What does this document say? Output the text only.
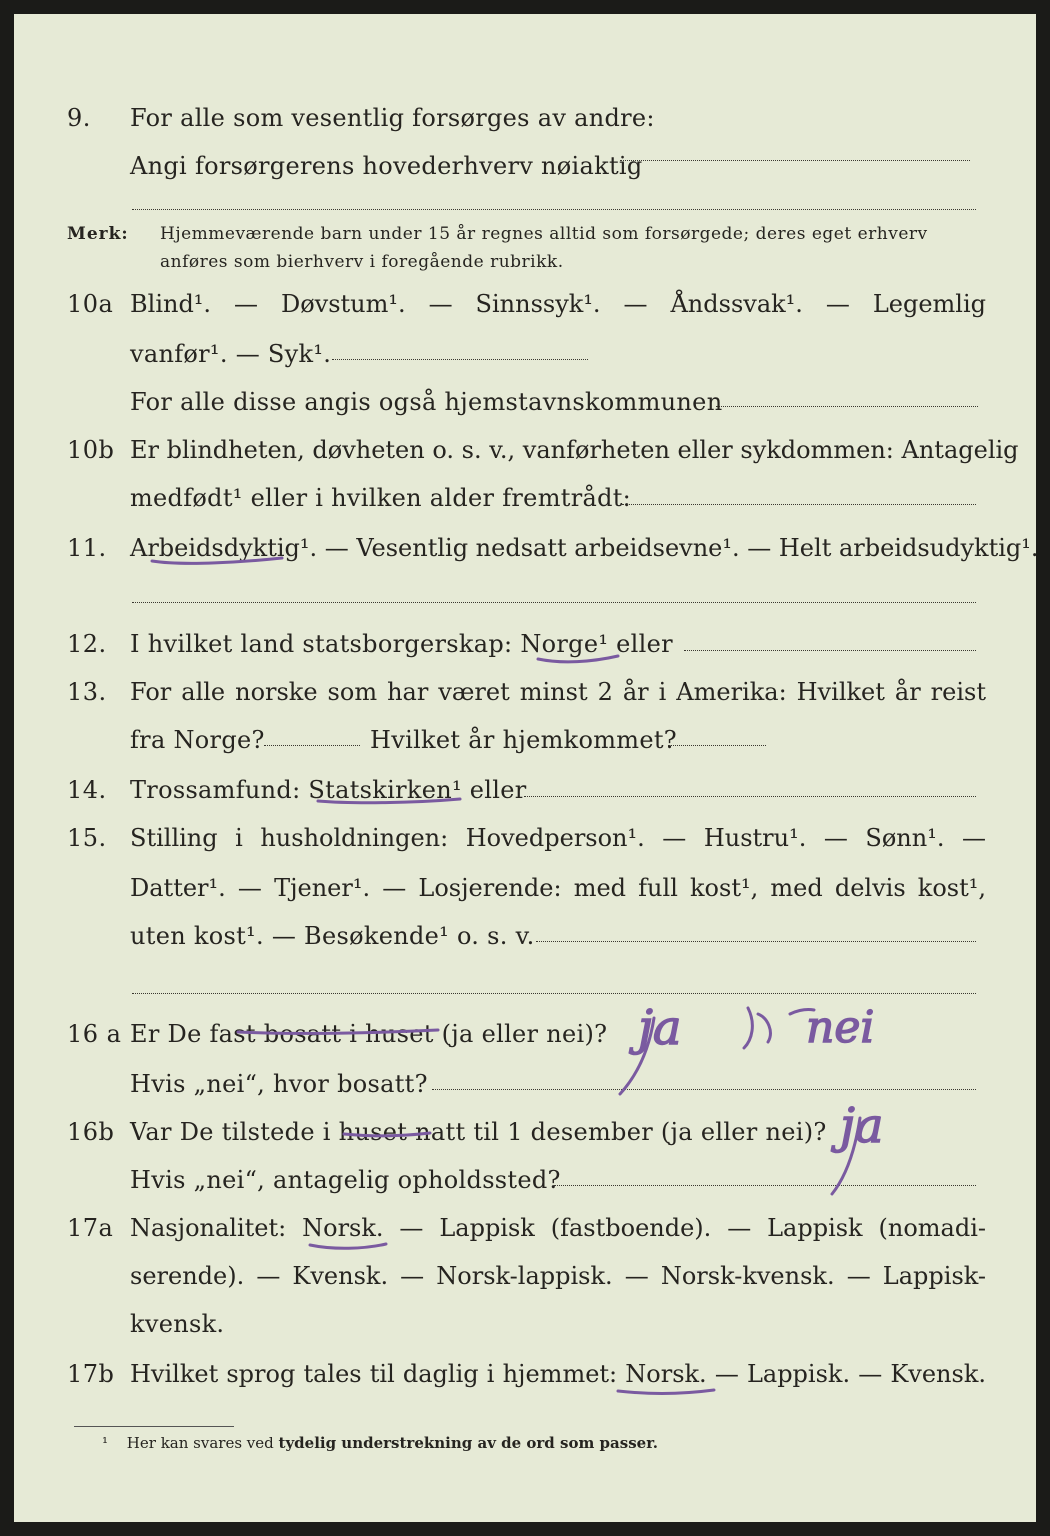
9. For alle som vesentlig forsørges av andre:
Angi forsørgerens hovederhverv nøiaktig
Merk: Hjemmeværende barn under 15 år regnes alltid som forsørgede; deres eget erhverv
anføres som bierhverv i foregående rubrikk.
10a Blind¹. — Døvstum¹. — Sinnssyk¹. — Åndssvak¹. — Legemlig
vanfør¹. — Syk¹.
For alle disse angis også hjemstavnskommunen
10b Er blindheten, døvheten o. s. v., vanførheten eller sykdommen: Antagelig
medfødt¹ eller i hvilken alder fremtrådt:
11. Arbeidsdyktig¹. — Vesentlig nedsatt arbeidsevne¹. — Helt arbeidsudyktig¹.
12. I hvilket land statsborgerskap: Norge¹ eller
13. For alle norske som har været minst 2 år i Amerika: Hvilket år reist
fra Norge?	Hvilket år hjemkommet?
14. Trossamfund: Statskirken¹ eller
15. Stilling i husholdningen: Hovedperson¹. — Hustru¹. — Sønn¹. —
Datter¹. — Tjener¹. — Losjerende: med full kost¹, med delvis kost¹,
uten kost¹. — Besøkende¹ o. s. v.
16 a Er De fast bosatt i huset (ja eller nei)?
Hvis „nei“, hvor bosatt?
16b Var De tilstede i huset natt til 1 desember (ja eller nei)?
Hvis „nei“, antagelig opholdssted?
17a Nasjonalitet: Norsk. — Lappisk (fastboende). — Lappisk (nomadi-
serende). — Kvensk. — Norsk-lappisk. — Norsk-kvensk. — Lappisk-
kvensk.
17b Hvilket sprog tales til daglig i hjemmet: Norsk. — Lappisk. — Kvensk.
¹ Her kan svares ved tydelig understrekning av de ord som passer.
ja	nei
ja
